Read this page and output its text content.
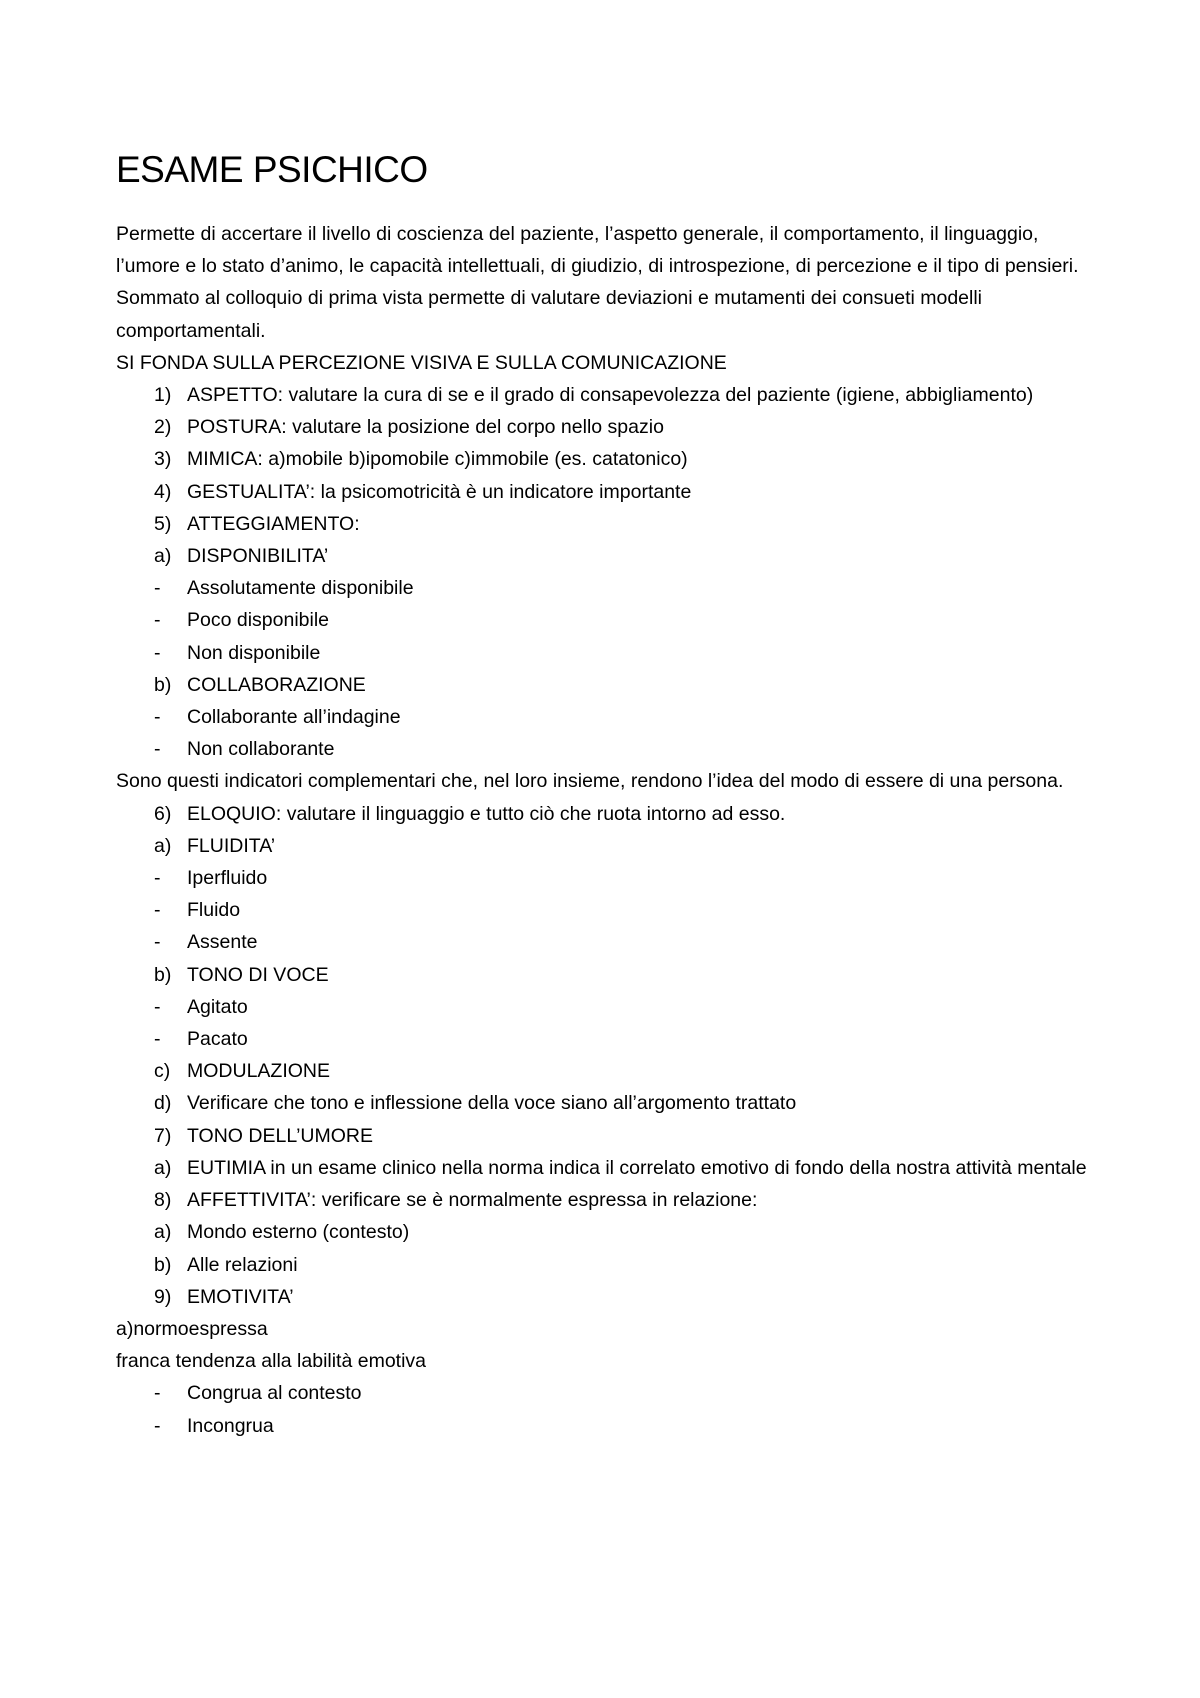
ESAME PSICHICO

Permette di accertare il livello di coscienza del paziente, l’aspetto generale, il comportamento, il linguaggio, l’umore e lo stato d’animo, le capacità intellettuali, di giudizio, di introspezione, di percezione e il tipo di pensieri.

Sommato al colloquio di prima vista permette di valutare deviazioni e mutamenti dei consueti modelli comportamentali.

SI FONDA SULLA PERCEZIONE VISIVA E SULLA COMUNICAZIONE

1) ASPETTO: valutare la cura di se e il grado di consapevolezza del paziente (igiene, abbigliamento)
2) POSTURA: valutare la posizione del corpo nello spazio
3) MIMICA: a)mobile b)ipomobile c)immobile (es. catatonico)
4) GESTUALITA’: la psicomotricità è un indicatore importante
5) ATTEGGIAMENTO:
a) DISPONIBILITA’
-	Assolutamente disponibile
-	Poco disponibile
-	Non disponibile
b) COLLABORAZIONE
-	Collaborante all’indagine
-	Non collaborante
Sono questi indicatori complementari che, nel loro insieme, rendono l’idea del modo di essere di una persona.
6) ELOQUIO: valutare il linguaggio e tutto ciò che ruota intorno ad esso.
a) FLUIDITA’
-	Iperfluido
-	Fluido
-	Assente
b) TONO DI VOCE
-	Agitato
-	Pacato
c) MODULAZIONE
d) Verificare che tono e inflessione della voce siano all’argomento trattato
7) TONO DELL’UMORE
a) EUTIMIA in un esame clinico nella norma indica il correlato emotivo di fondo della nostra attività mentale
8) AFFETTIVITA’: verificare se è normalmente espressa in relazione:
a) Mondo esterno (contesto)
b) Alle relazioni
9) EMOTIVITA’
a)normoespressa
franca tendenza alla labilità emotiva
-	Congrua al contesto
-	Incongrua
